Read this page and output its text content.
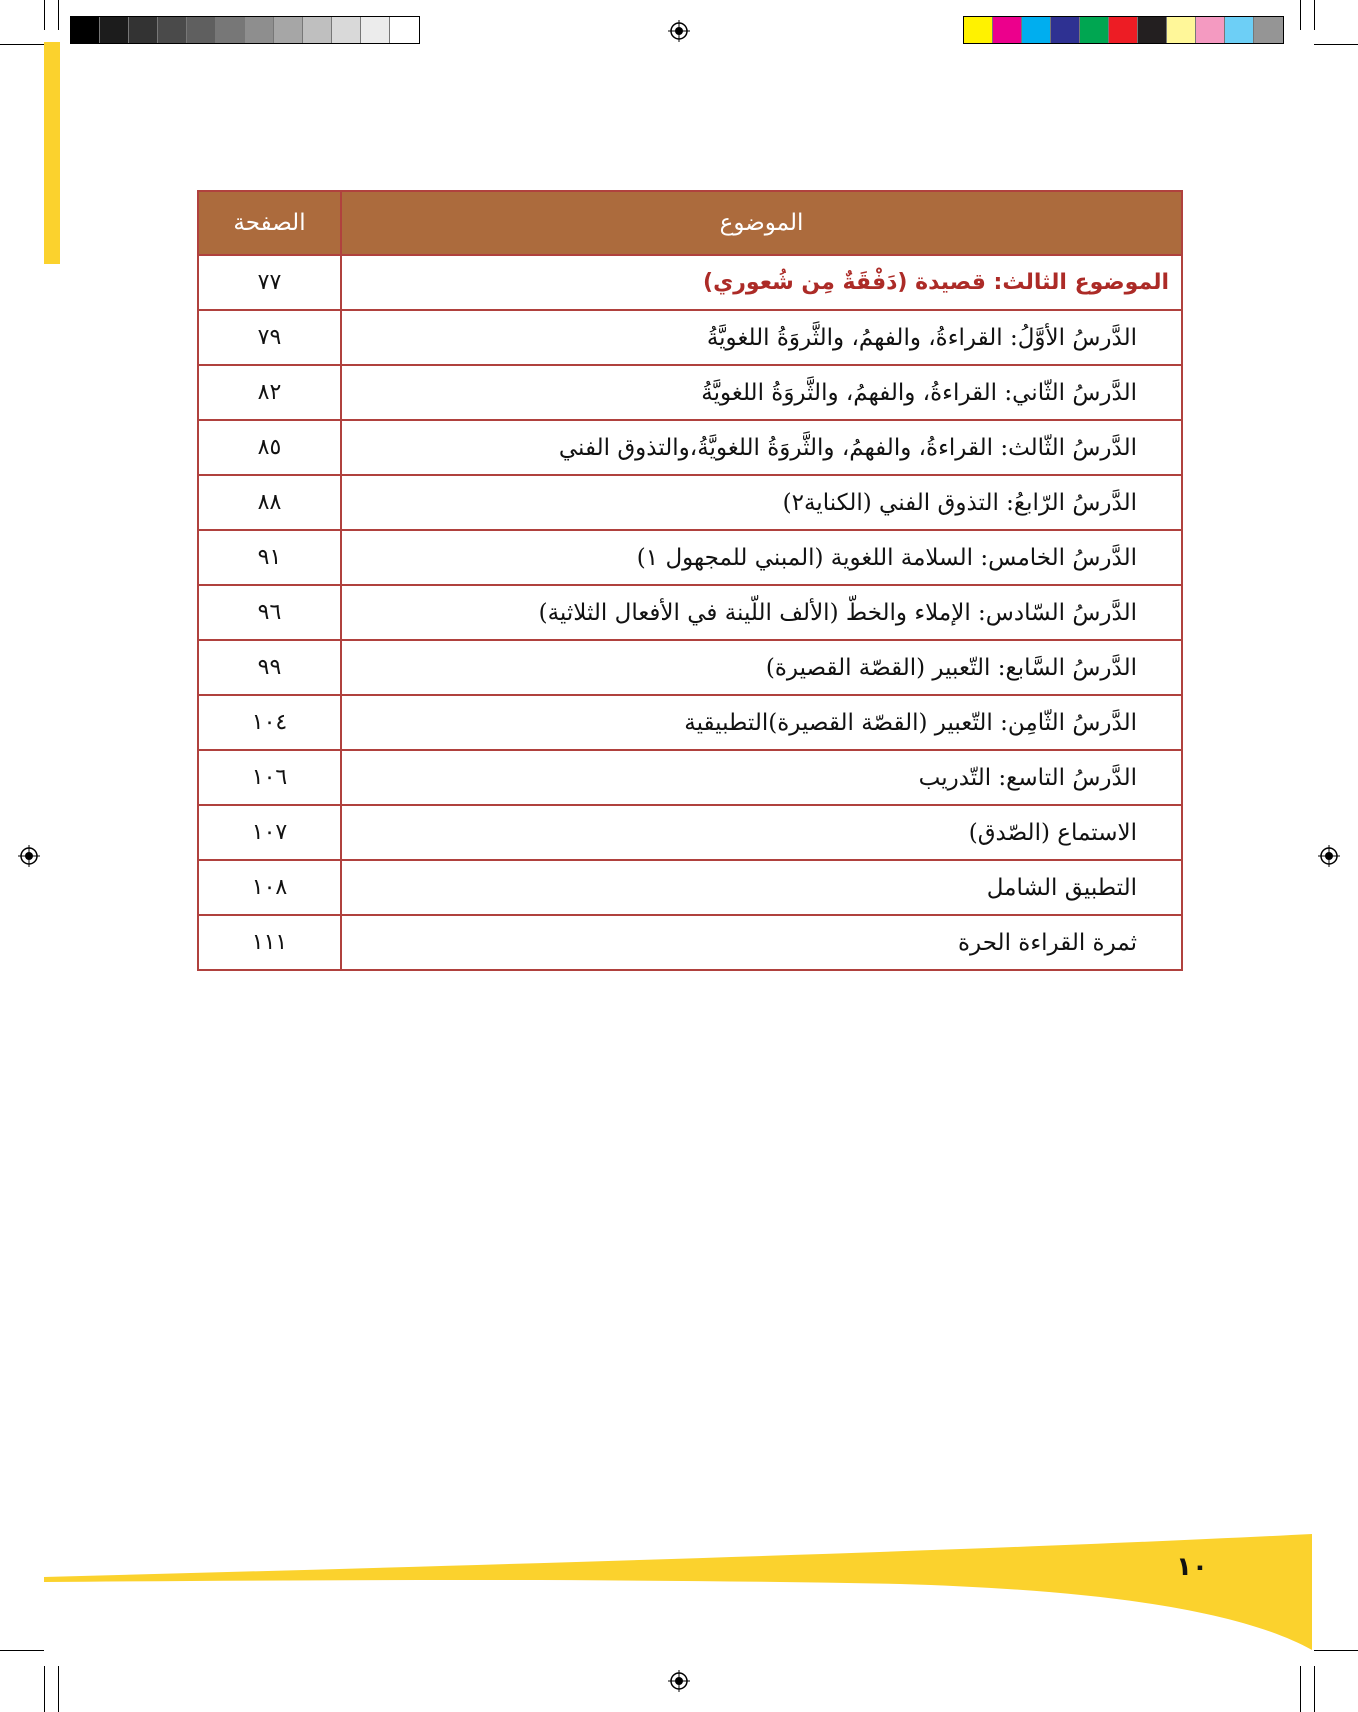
الموضوع	الصفحة
الموضوع الثالث: قصيدة (دَفْقَةٌ مِن شُعوري)	٧٧
الدَّرسُ الأوَّلُ: القراءةُ، والفهمُ، والثَّروَةُ اللغويَّةُ	٧٩
الدَّرسُ الثّاني: القراءةُ، والفهمُ، والثَّروَةُ اللغويَّةُ	٨٢
الدَّرسُ الثّالث: القراءةُ، والفهمُ، والثَّروَةُ اللغويَّةُ،والتذوق الفني	٨٥
الدَّرسُ الرّابعُ: التذوق الفني (الكناية٢)	٨٨
الدَّرسُ الخامس: السلامة اللغوية (المبني للمجهول ١)	٩١
الدَّرسُ السّادس: الإملاء والخطّ (الألف اللّينة في الأفعال الثلاثية)	٩٦
الدَّرسُ السَّابع: التّعبير (القصّة القصيرة)	٩٩
الدَّرسُ الثّامِن: التّعبير (القصّة القصيرة)التطبيقية	١٠٤
الدَّرسُ التاسع: التّدريب	١٠٦
الاستماع (الصّدق)	١٠٧
التطبيق الشامل	١٠٨
ثمرة القراءة الحرة	١١١
١٠
